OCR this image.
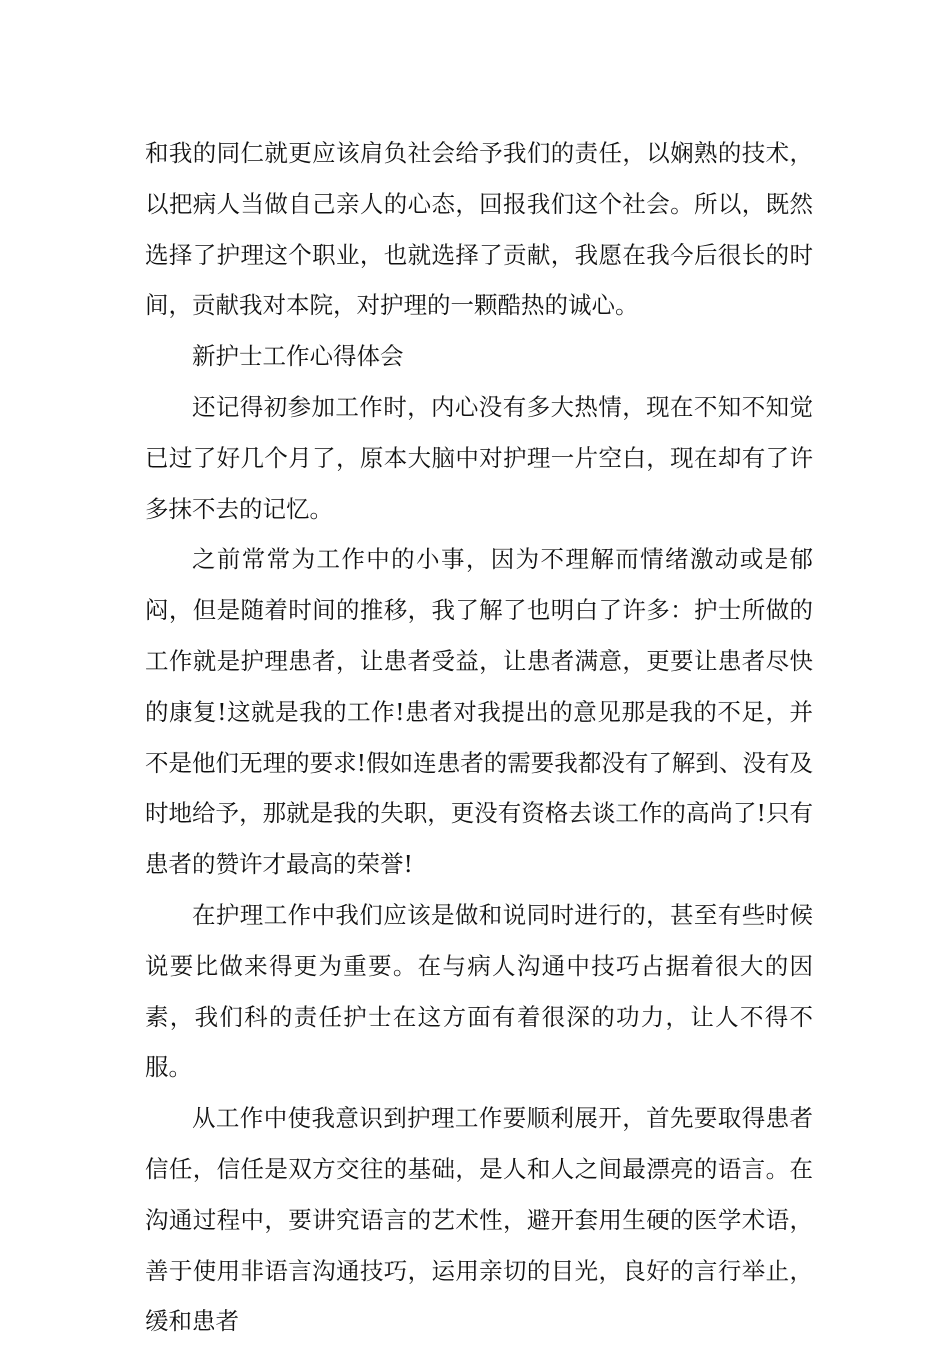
和我的同仁就更应该肩负社会给予我们的责任，以娴熟的技术，以把病人当做自己亲人的心态，回报我们这个社会。所以，既然选择了护理这个职业，也就选择了贡献，我愿在我今后很长的时间，贡献我对本院，对护理的一颗酷热的诚心。

新护士工作心得体会

还记得初参加工作时，内心没有多大热情，现在不知不知觉已过了好几个月了，原本大脑中对护理一片空白，现在却有了许多抹不去的记忆。

之前常常为工作中的小事，因为不理解而情绪激动或是郁闷，但是随着时间的推移，我了解了也明白了许多：护士所做的工作就是护理患者，让患者受益，让患者满意，更要让患者尽快的康复!这就是我的工作!患者对我提出的意见那是我的不足，并不是他们无理的要求!假如连患者的需要我都没有了解到、没有及时地给予，那就是我的失职，更没有资格去谈工作的高尚了!只有患者的赞许才最高的荣誉!

在护理工作中我们应该是做和说同时进行的，甚至有些时候说要比做来得更为重要。在与病人沟通中技巧占据着很大的因素，我们科的责任护士在这方面有着很深的功力，让人不得不服。

从工作中使我意识到护理工作要顺利展开，首先要取得患者信任，信任是双方交往的基础，是人和人之间最漂亮的语言。在沟通过程中，要讲究语言的艺术性，避开套用生硬的医学术语，善于使用非语言沟通技巧，运用亲切的目光，良好的言行举止，缓和患者
